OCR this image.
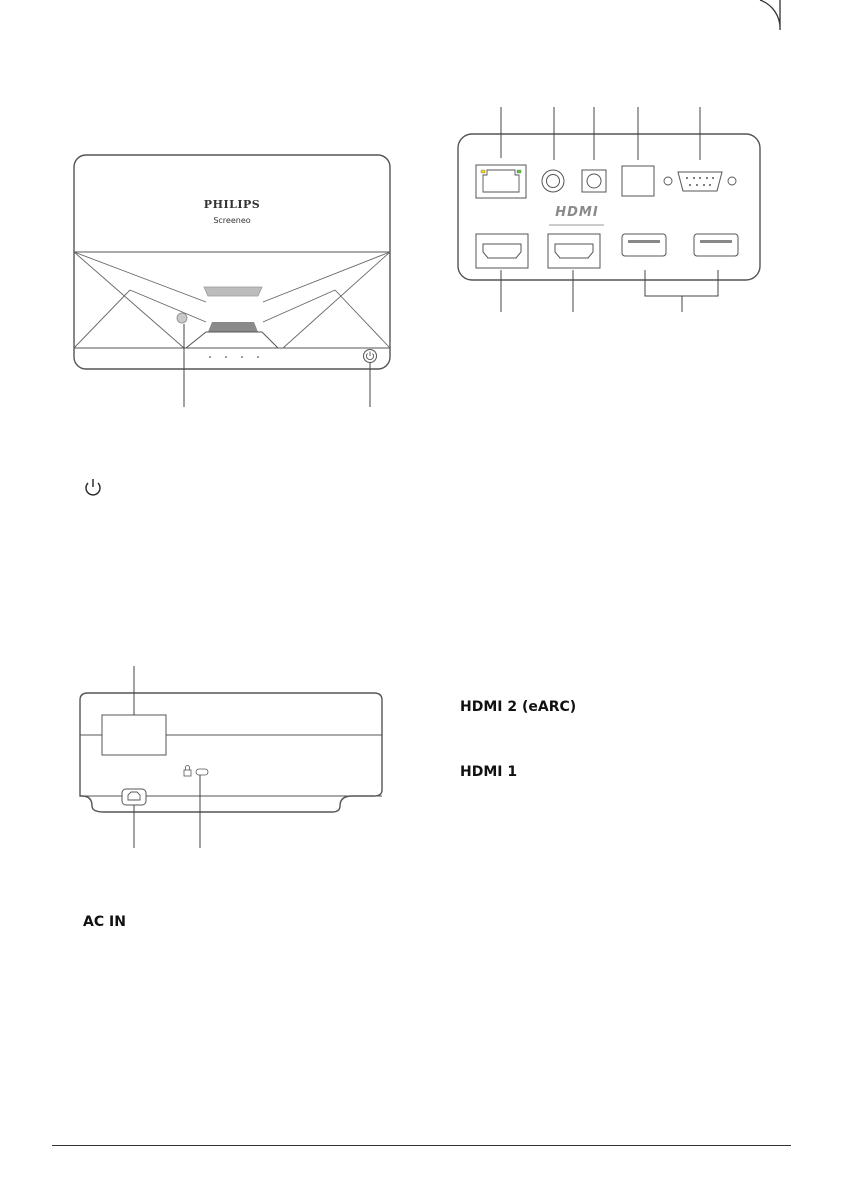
PHILIPS
Screeneo
HDMI
HDMI 2 (eARC)
HDMI 1
AC IN
